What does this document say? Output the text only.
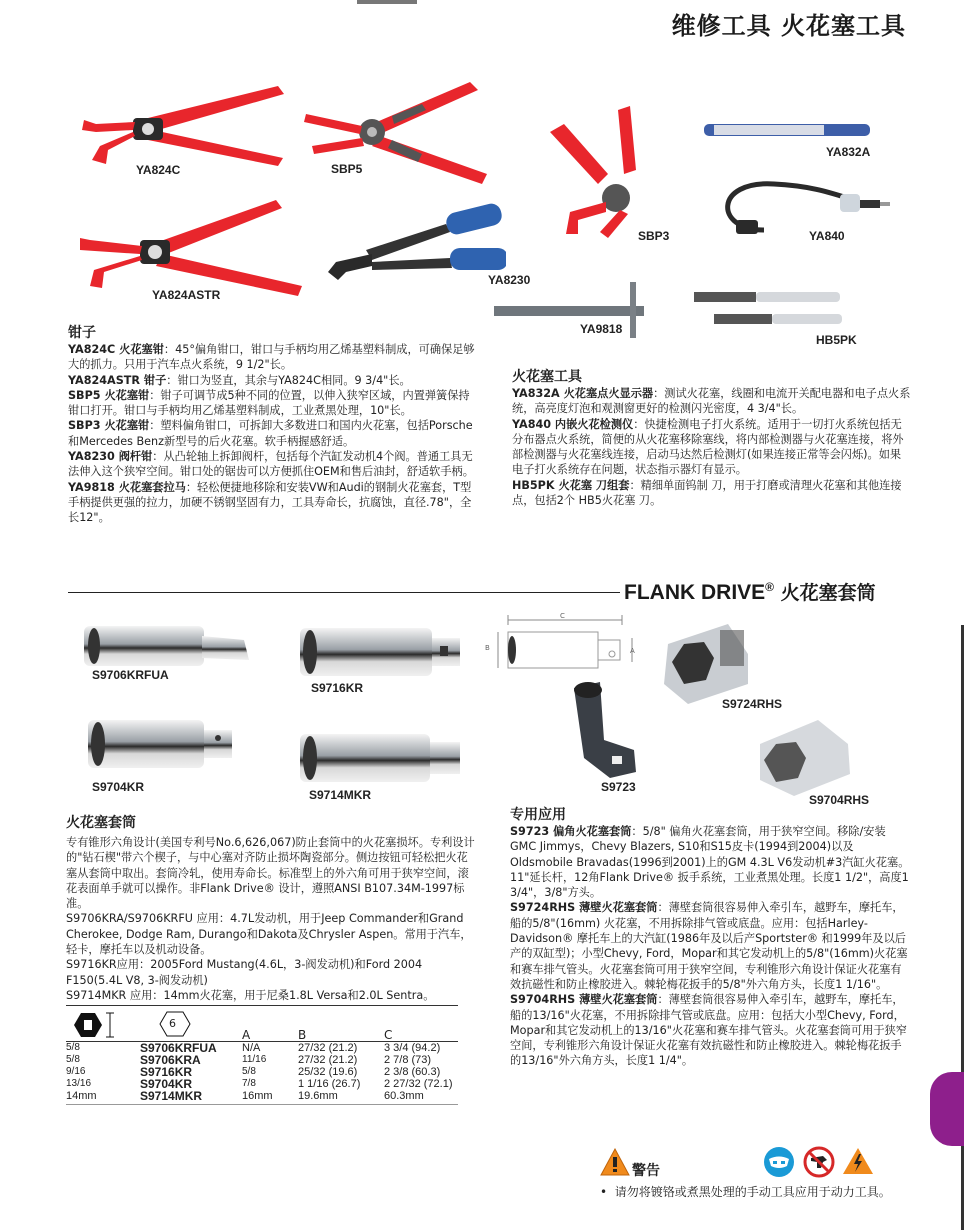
维修工具 火花塞工具
YA824C	SBP5
YA832A
SBP3	YA840
YA824ASTR
YA8230
YA9818
HB5PK
钳子
YA824C 火花塞钳：45°偏角钳口，钳口与手柄均用乙烯基塑料制成，可确保足够大的抓力。只用于汽车点火系统，9 1/2"长。
YA824ASTR 钳子：钳口为竖直，其余与YA824C相同。9 3/4"长。
SBP5 火花塞钳：钳子可调节成5种不同的位置，以伸入狭窄区域，内置弹簧保持钳口打开。钳口与手柄均用乙烯基塑料制成，工业煮黑处理，10"长。
SBP3 火花塞钳：塑料偏角钳口，可拆卸大多数进口和国内火花塞，包括Porsche和Mercedes Benz新型号的后火花塞。软手柄握感舒适。
YA8230 阀杆钳：从凸轮轴上拆卸阀杆，包括每个汽缸发动机4个阀。普通工具无法伸入这个狭窄空间。钳口处的锯齿可以方便抓住OEM和售后油封，舒适软手柄。
YA9818 火花塞套拉马：轻松便捷地移除和安装VW和Audi的钢制火花塞套，T型手柄提供更强的拉力，加硬不锈钢坚固有力，工具寿命长，抗腐蚀，直径.78"，全长12"。
火花塞工具
YA832A 火花塞点火显示器：测试火花塞，线圈和电流开关配电器和电子点火系统，高亮度灯泡和观测窗更好的检测闪光密度，4 3/4"长。
YA840 内嵌火花检测仪：快捷检测电子打火系统。适用于一切打火系统包括无分布器点火系统，简便的从火花塞移除塞线，将内部检测器与火花塞连接，将外部检测器与火花塞线连接，启动马达然后检测灯(如果连接正常等会闪烁)。如果电子打火系统存在问题，状态指示器灯有显示。
HB5PK 火花塞 刀组套：精细单面钨制 刀，用于打磨或清理火花塞和其他连接点，包括2个 HB5火花塞 刀。
FLANK DRIVE® 火花塞套筒
S9706KRFUA
S9716KR
S9704KR
S9714MKR
C
B	A
S9724RHS
S9723
S9704RHS
火花塞套筒
专有锥形六角设计(美国专利号No.6,626,067)防止套筒中的火花塞损坏。专利设计的"钻石楔"带六个楔子，与中心塞对齐防止损坏陶瓷部分。侧边按钮可轻松把火花塞从套筒中取出。套筒冷轧，使用寿命长。标准型上的外六角可用于狭窄空间，滚花表面单手就可以操作。非Flank Drive® 设计，遵照ANSI B107.34M-1997标准。
S9706KRA/S9706KRFU 应用：4.7L发动机，用于Jeep Commander和Grand Cherokee, Dodge Ram, Durango和Dakota及Chrysler Aspen。常用于汽车，轻卡，摩托车以及机动设备。
S9716KR应用：2005Ford Mustang(4.6L，3-阀发动机)和Ford 2004 F150(5.4L V8, 3-阀发动机)
S9714MKR 应用：14mm火花塞，用于尼桑1.8L Versa和2.0L Sentra。
6
A	B	C
5/8	S9706KRFUA	N/A	27/32 (21.2)	3 3/4 (94.2)
5/8	S9706KRA	11/16	27/32 (21.2)	2 7/8 (73)
9/16	S9716KR	5/8	25/32 (19.6)	2 3/8 (60.3)
13/16	S9704KR	7/8	1 1/16 (26.7)	2 27/32 (72.1)
14mm	S9714MKR	16mm	19.6mm	60.3mm
专用应用
S9723 偏角火花塞套筒：5/8" 偏角火花塞套筒，用于狭窄空间。移除/安装GMC Jimmys，Chevy Blazers, S10和S15皮卡(1994到2004)以及Oldsmobile Bravadas(1996到2001)上的GM 4.3L V6发动机#3汽缸火花塞。11"延长杆，12角Flank Drive® 扳手系统，工业煮黑处理。长度1 1/2"，高度1 3/4"，3/8"方头。
S9724RHS 薄壁火花塞套筒：薄壁套筒很容易伸入牵引车，越野车，摩托车，船的5/8"(16mm) 火花塞，不用拆除排气管或底盘。应用：包括Harley-Davidson® 摩托车上的大汽缸(1986年及以后产Sportster® 和1999年及以后产的双缸型)；小型Chevy, Ford，Mopar和其它发动机上的5/8"(16mm)火花塞和赛车排气管头。火花塞套筒可用于狭窄空间，专利锥形六角设计保证火花塞有效抗磁性和防止橡胶进入。棘轮梅花扳手的5/8"外六角方头，长度1 1/16"。
S9704RHS 薄壁火花塞套筒：薄壁套筒很容易伸入牵引车，越野车，摩托车，船的13/16"火花塞，不用拆除排气管或底盘。应用：包括大小型Chevy, Ford，Mopar和其它发动机上的13/16"火花塞和赛车排气管头。火花塞套筒可用于狭窄空间，专利锥形六角设计保证火花塞有效抗磁性和防止橡胶进入。棘轮梅花扳手的13/16"外六角方头，长度1 1/4"。
警告
•  请勿将镀铬或煮黑处理的手动工具应用于动力工具。
